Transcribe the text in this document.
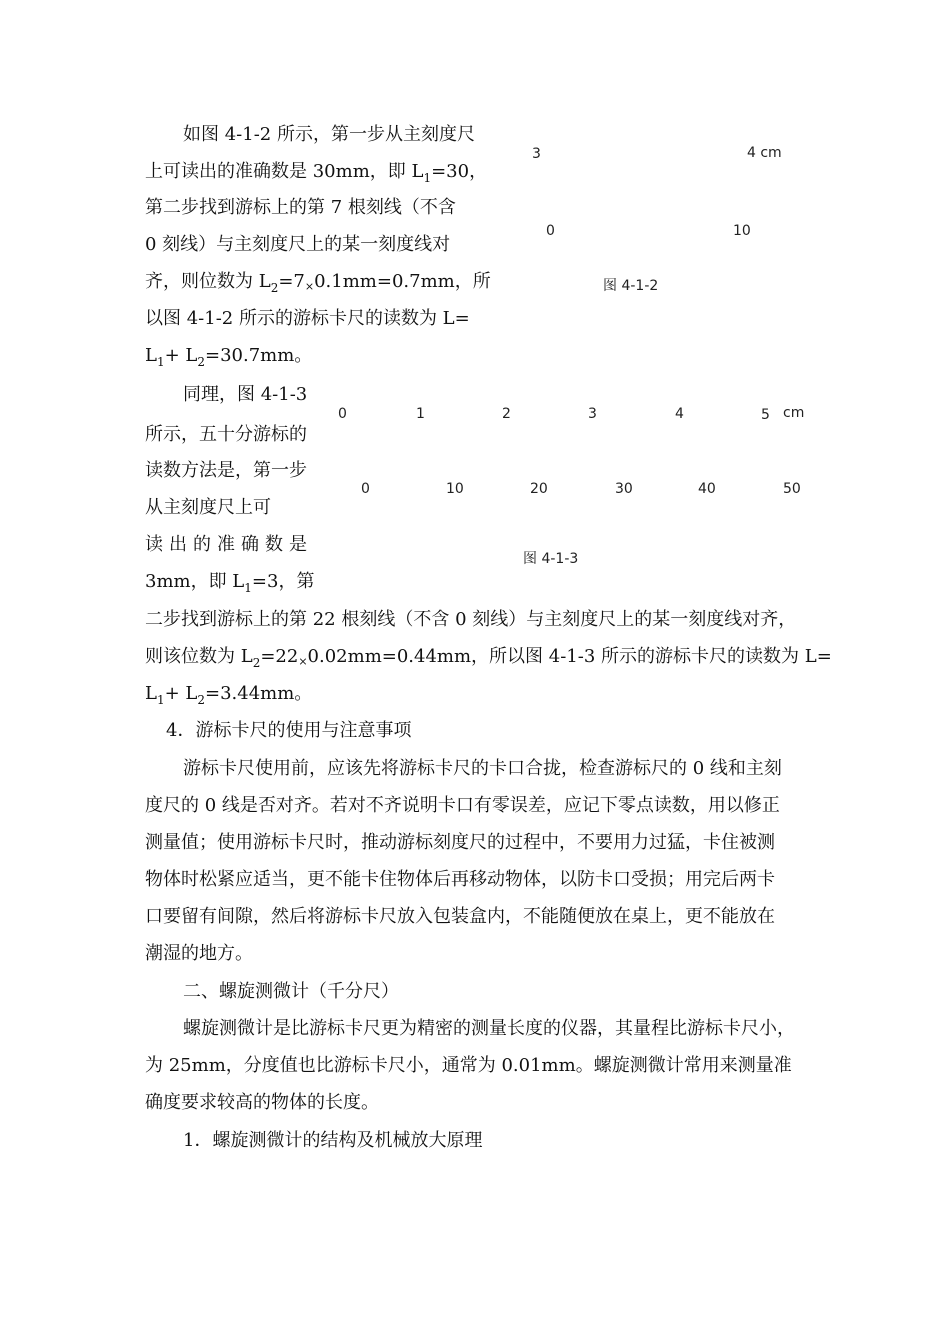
如图 4-1-2 所示，第一步从主刻度尺
上可读出的准确数是 30mm，即 $L_1=30$，
第二步找到游标上的第 7 根刻线（不含
0 刻线）与主刻度尺上的某一刻度线对
齐，则位数为 $L_2=7\times 0.1mm=0.7mm$，所
以图 4-1-2 所示的游标卡尺的读数为 L=
$L_1+ L_2=30.7mm$。
3	4 cm
0	10
图 4-1-2
同理，图 4-1-3
所示，五十分游标的
读数方法是，第一步
从主刻度尺上可
读 出 的 准 确 数 是
3mm，即 $L_1=3$，第
0	1	2	3	4	5 cm
0	10	20	30	40	50
图 4-1-3
二步找到游标上的第 22 根刻线（不含 0 刻线）与主刻度尺上的某一刻度线对齐，
则该位数为 $L_2=22\times 0.02mm=0.44mm$，所以图 4-1-3 所示的游标卡尺的读数为 L=
$L_1+ L_2=3.44mm$。
4．游标卡尺的使用与注意事项
游标卡尺使用前，应该先将游标卡尺的卡口合拢，检查游标尺的 0 线和主刻
度尺的 0 线是否对齐。若对不齐说明卡口有零误差，应记下零点读数，用以修正
测量值；使用游标卡尺时，推动游标刻度尺的过程中，不要用力过猛，卡住被测
物体时松紧应适当，更不能卡住物体后再移动物体，以防卡口受损；用完后两卡
口要留有间隙，然后将游标卡尺放入包装盒内，不能随便放在桌上，更不能放在
潮湿的地方。
二、螺旋测微计（千分尺）
螺旋测微计是比游标卡尺更为精密的测量长度的仪器，其量程比游标卡尺小，
为 25mm，分度值也比游标卡尺小，通常为 0.01mm。螺旋测微计常用来测量准
确度要求较高的物体的长度。
1．螺旋测微计的结构及机械放大原理
